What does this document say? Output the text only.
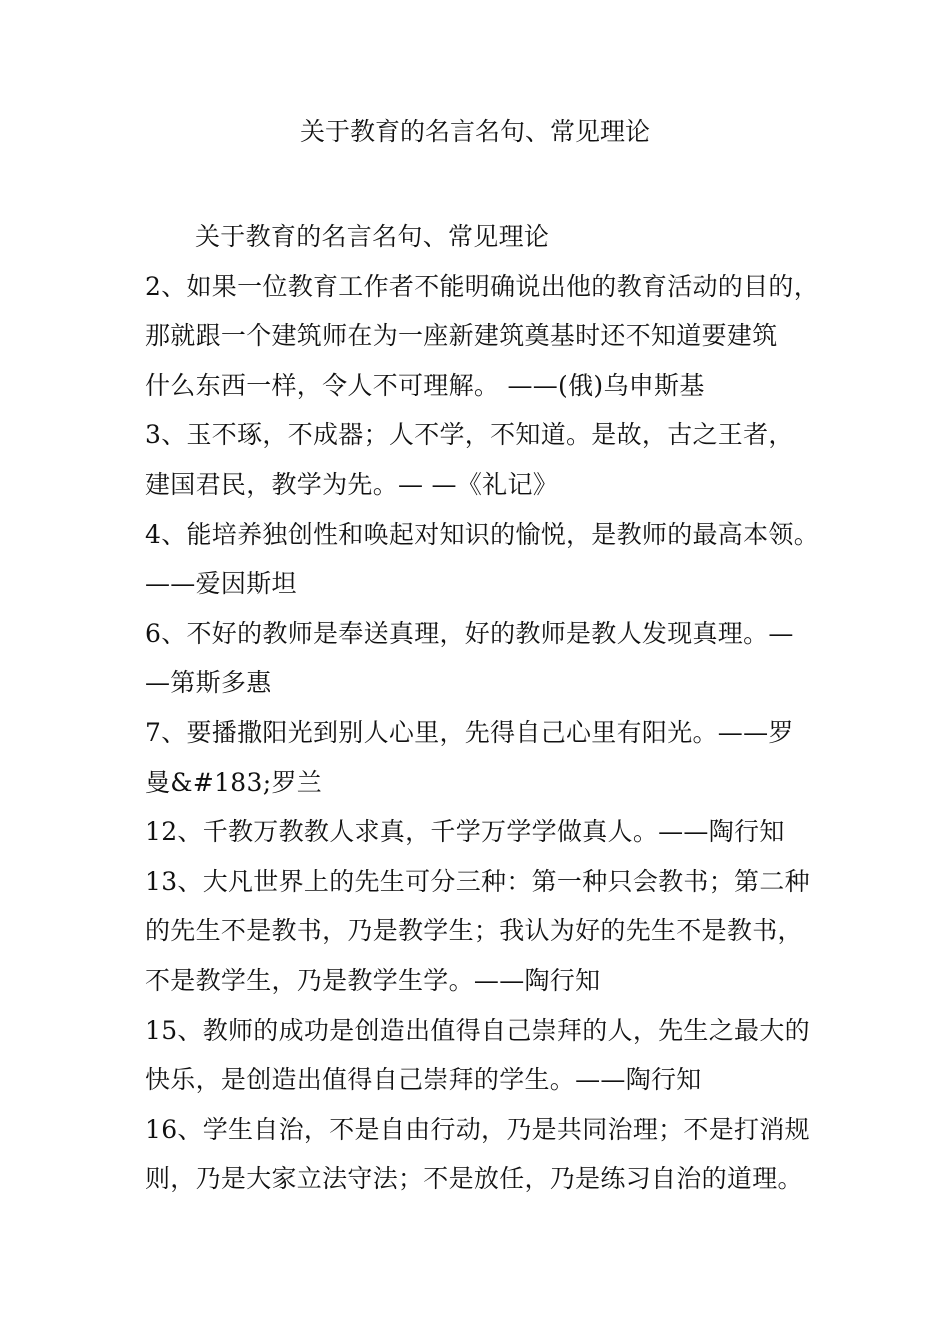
关于教育的名言名句、常见理论
关于教育的名言名句、常见理论
2、如果一位教育工作者不能明确说出他的教育活动的目的，
那就跟一个建筑师在为一座新建筑奠基时还不知道要建筑
什么东西一样，令人不可理解。 ——(俄)乌申斯基
3、玉不琢，不成器；人不学，不知道。是故，古之王者，
建国君民，教学为先。— —《礼记》
4、能培养独创性和唤起对知识的愉悦，是教师的最高本领。
——爱因斯坦
6、不好的教师是奉送真理，好的教师是教人发现真理。—
—第斯多惠
7、要播撒阳光到别人心里，先得自己心里有阳光。——罗
曼&#183;罗兰
12、千教万教教人求真，千学万学学做真人。——陶行知
13、大凡世界上的先生可分三种：第一种只会教书；第二种
的先生不是教书，乃是教学生；我认为好的先生不是教书，
不是教学生，乃是教学生学。——陶行知
15、教师的成功是创造出值得自己崇拜的人，先生之最大的
快乐，是创造出值得自己崇拜的学生。——陶行知
16、学生自治，不是自由行动，乃是共同治理；不是打消规
则，乃是大家立法守法；不是放任，乃是练习自治的道理。
